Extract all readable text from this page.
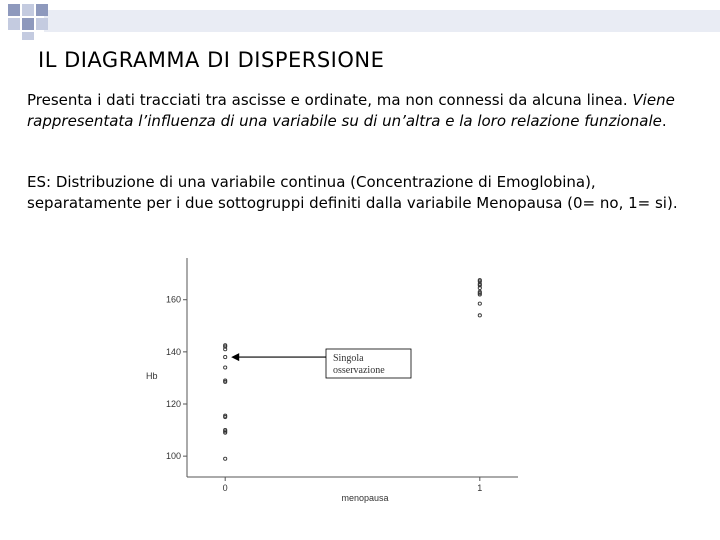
IL DIAGRAMMA DI DISPERSIONE
Presenta i dati tracciati tra ascisse e ordinate, ma non connessi da alcuna linea. Viene rappresentata l’influenza di una variabile su di un’altra e la loro relazione funzionale.
ES: Distribuzione di una variabile continua (Concentrazione di Emoglobina), separatamente per i due sottogruppi definiti dalla variabile Menopausa (0= no, 1= si).
100
120
140
160
0	1
Hb
menopausa
Singola
osservazione
